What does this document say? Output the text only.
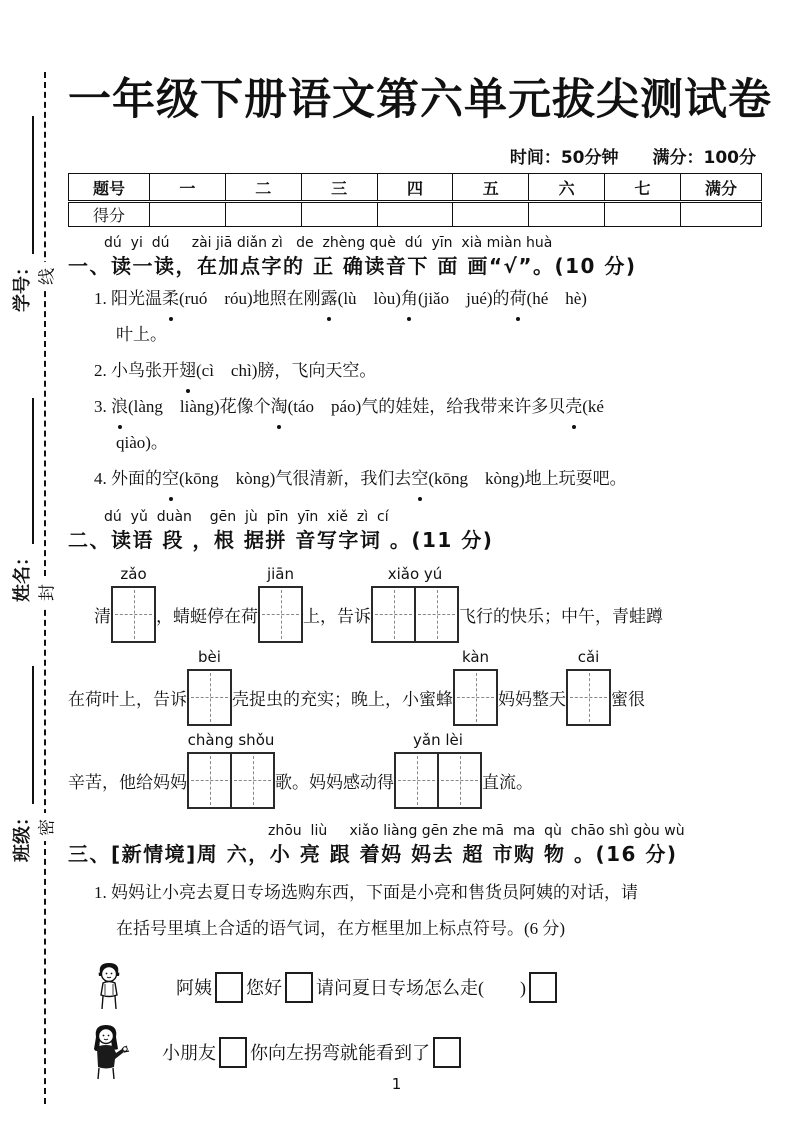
线
封
密
学号：
姓名：
班级：
一年级下册语文第六单元拔尖测试卷
时间：50分钟　　满分：100分
题号	一	二	三	四	五	六	七	满分
得分								
dú  yi  dú     zài jiā diǎn zì   de  zhèng què  dú  yīn  xià miàn huà
一、读一读，在加点字的 正 确读音下 面 画“√”。(10 分)
1. 阳光温柔(ruó　róu)地照在刚露(lù　lòu)角(jiǎo　jué)的荷(hé　hè)
叶上。
2. 小鸟张开翅(cì　chì)膀，飞向天空。
3. 浪(làng　liàng)花像个淘(táo　páo)气的娃娃，给我带来许多贝壳(ké
qiào)。
4. 外面的空(kōng　kòng)气很清新，我们去空(kōng　kòng)地上玩耍吧。
dú  yǔ  duàn    gēn  jù  pīn  yīn  xiě  zì  cí
二、读语 段 ，根 据拼 音写字词 。(11 分)
清
zǎo
，蜻蜓停在荷
jiān
上，告诉
xiǎo yú
飞行的快乐；中午，青蛙蹲
在荷叶上，告诉
bèi
壳捉虫的充实；晚上，小蜜蜂
kàn
妈妈整天
cǎi
蜜很
辛苦，他给妈妈
chàng shǒu
歌。妈妈感动得
yǎn lèi
直流。
zhōu  liù     xiǎo liàng gēn zhe mā  ma  qù  chāo shì gòu wù
三、[新情境]周 六，小 亮 跟 着妈 妈去 超 市购 物 。(16 分)
1. 妈妈让小亮去夏日专场选购东西，下面是小亮和售货员阿姨的对话，请
在括号里填上合适的语气词，在方框里加上标点符号。(6 分)
阿姨 您好 请问夏日专场怎么走(　　)
小朋友 你向左拐弯就能看到了
1
